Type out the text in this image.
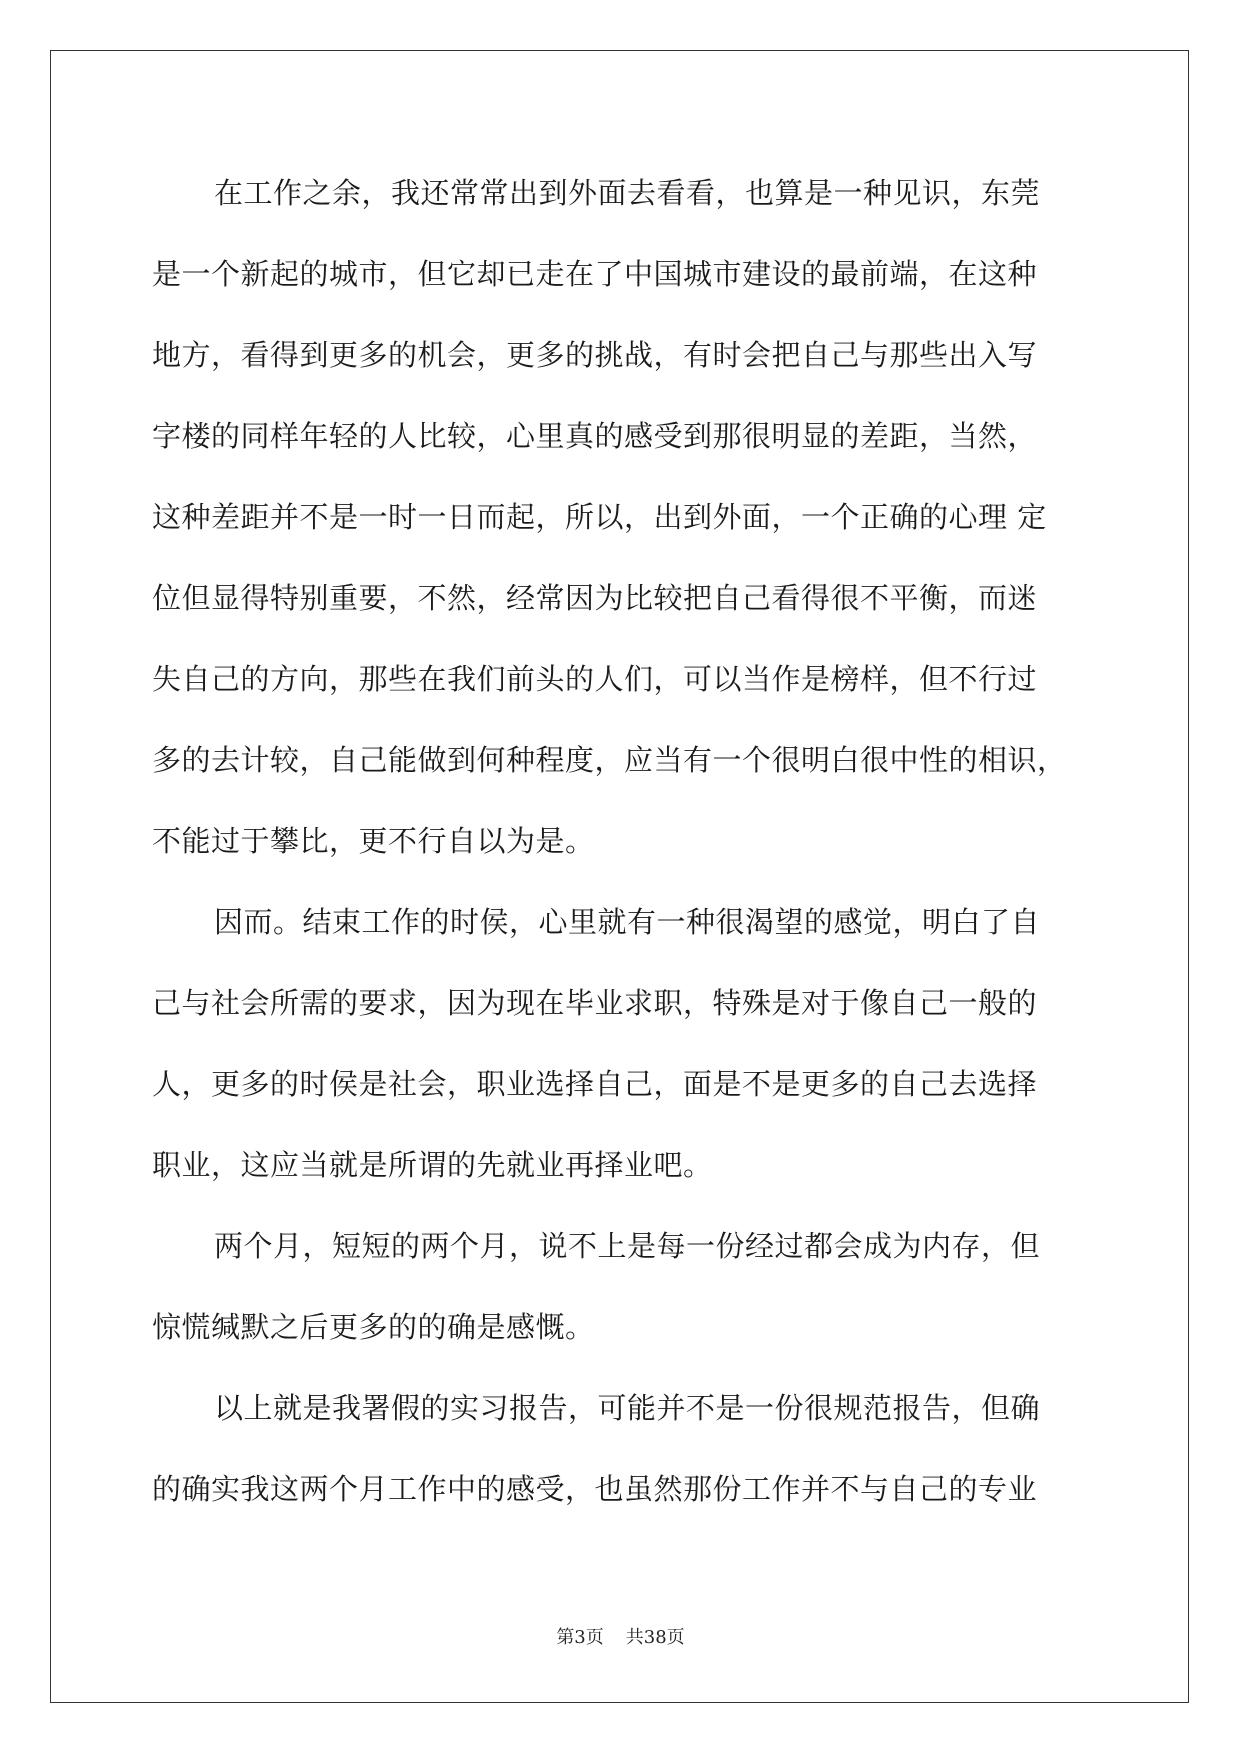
在工作之余，我还常常出到外面去看看，也算是一种见识，东莞
是一个新起的城市，但它却已走在了中国城市建设的最前端，在这种
地方，看得到更多的机会，更多的挑战，有时会把自己与那些出入写
字楼的同样年轻的人比较，心里真的感受到那很明显的差距，当然，
这种差距并不是一时一日而起，所以，出到外面，一个正确的心理 定
位但显得特别重要，不然，经常因为比较把自己看得很不平衡，而迷
失自己的方向，那些在我们前头的人们，可以当作是榜样，但不行过
多的去计较，自己能做到何种程度，应当有一个很明白很中性的相识，
不能过于攀比，更不行自以为是。
因而。结束工作的时侯，心里就有一种很渴望的感觉，明白了自
己与社会所需的要求，因为现在毕业求职，特殊是对于像自己一般的
人，更多的时侯是社会，职业选择自己，面是不是更多的自己去选择
职业，这应当就是所谓的先就业再择业吧。
两个月，短短的两个月，说不上是每一份经过都会成为内存，但
惊慌缄默之后更多的的确是感慨。
以上就是我署假的实习报告，可能并不是一份很规范报告，但确
的确实我这两个月工作中的感受，也虽然那份工作并不与自己的专业
第3页 共38页
